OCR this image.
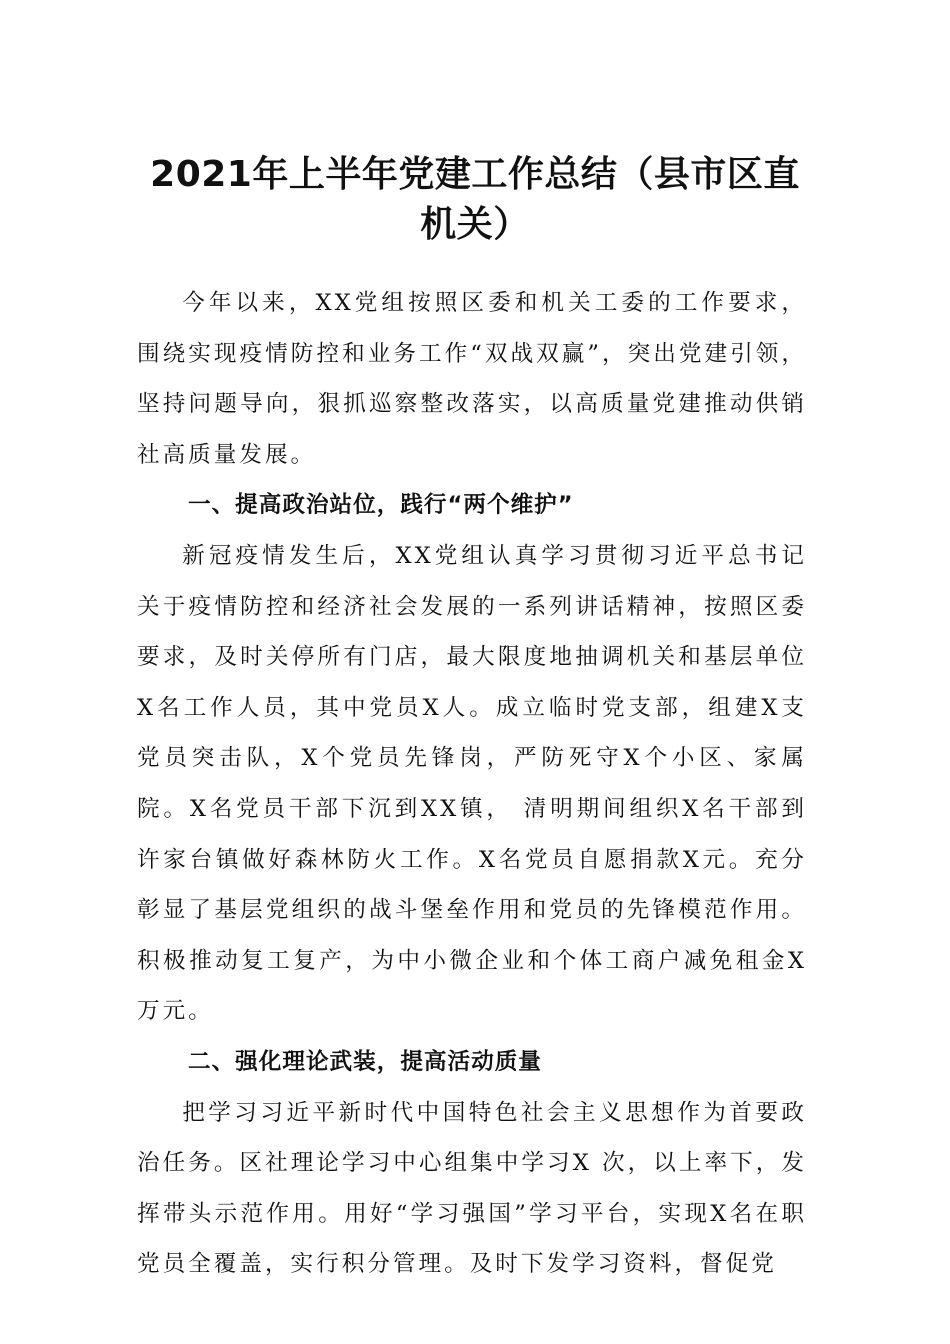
2021年上半年党建工作总结（县市区直机关）

今年以来，XX党组按照区委和机关工委的工作要求，围绕实现疫情防控和业务工作“双战双赢”，突出党建引领，坚持问题导向，狠抓巡察整改落实，以高质量党建推动供销社高质量发展。

一、提高政治站位，践行“两个维护”

新冠疫情发生后，XX党组认真学习贯彻习近平总书记关于疫情防控和经济社会发展的一系列讲话精神，按照区委要求，及时关停所有门店，最大限度地抽调机关和基层单位X名工作人员，其中党员X人。成立临时党支部，组建X支党员突击队，X个党员先锋岗，严防死守X个小区、家属院。X名党员干部下沉到XX镇， 清明期间组织X名干部到许家台镇做好森林防火工作。X名党员自愿捐款X元。充分彰显了基层党组织的战斗堡垒作用和党员的先锋模范作用。积极推动复工复产，为中小微企业和个体工商户减免租金X万元。

二、强化理论武装，提高活动质量

把学习习近平新时代中国特色社会主义思想作为首要政治任务。区社理论学习中心组集中学习X 次，以上率下，发挥带头示范作用。用好“学习强国”学习平台，实现X名在职党员全覆盖，实行积分管理。及时下发学习资料，督促党
